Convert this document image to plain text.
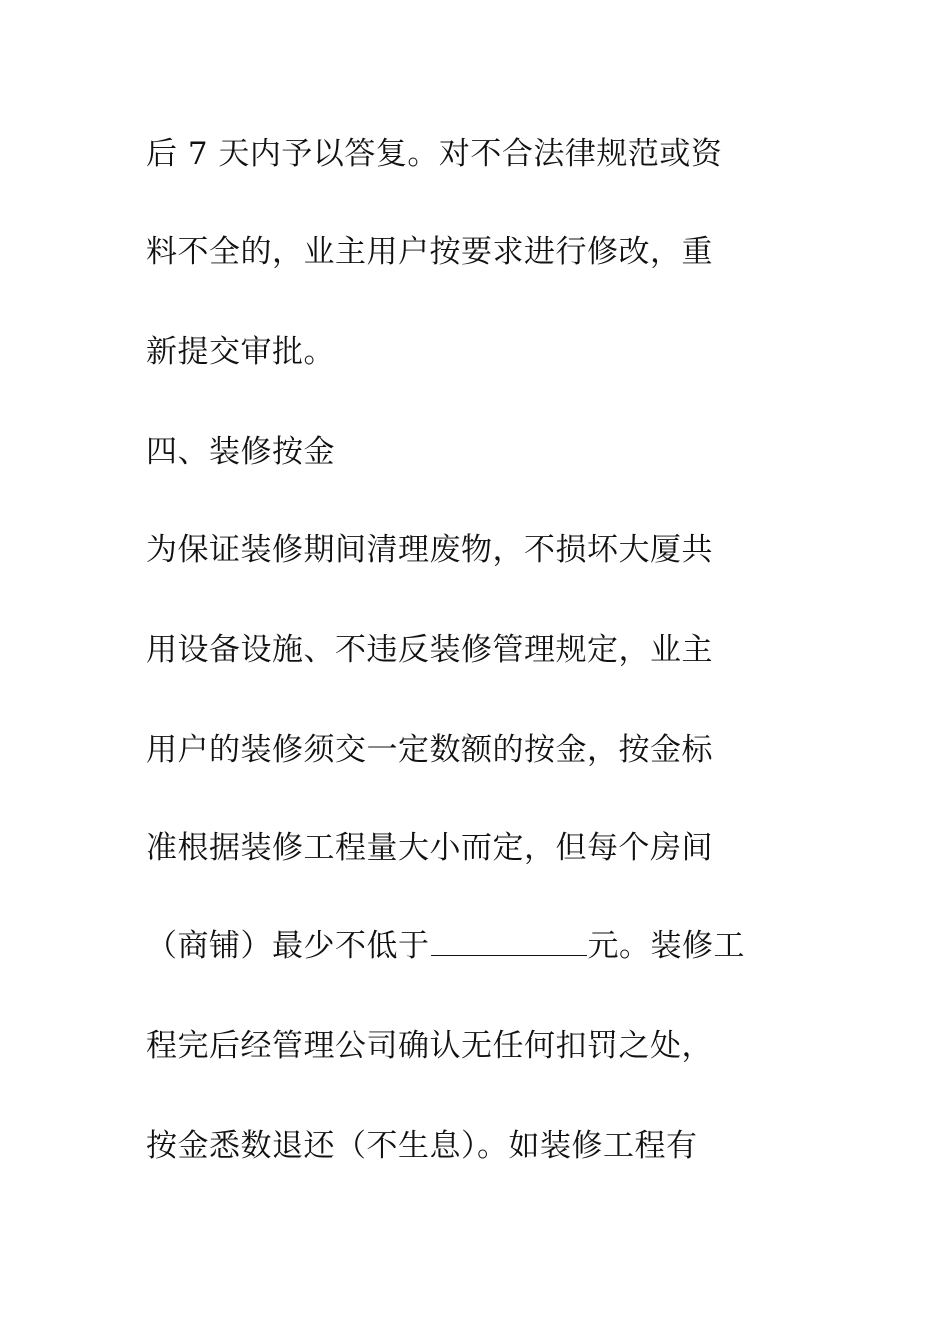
后 7 天内予以答复。对不合法律规范或资
料不全的，业主用户按要求进行修改，重
新提交审批。
四、装修按金
为保证装修期间清理废物，不损坏大厦共
用设备设施、不违反装修管理规定，业主
用户的装修须交一定数额的按金，按金标
准根据装修工程量大小而定，但每个房间
（商铺）最少不低于	元。装修工
程完后经管理公司确认无任何扣罚之处，
按金悉数退还（不生息）。如装修工程有
